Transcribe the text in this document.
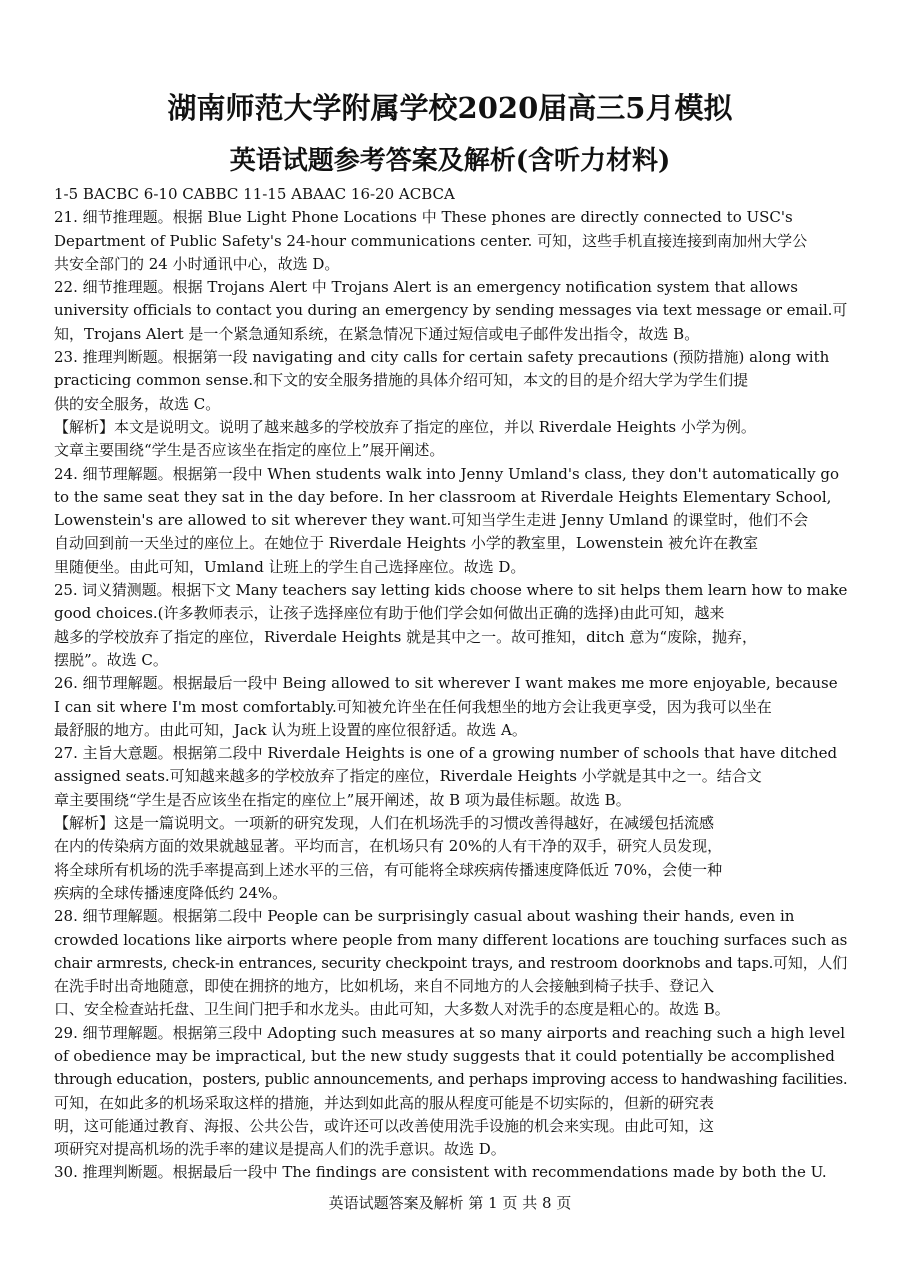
湖南师范大学附属学校2020届高三5月模拟
英语试题参考答案及解析(含听力材料)
1-5 BACBC 6-10 CABBC 11-15 ABAAC 16-20 ACBCA
21. 细节推理题。根据 Blue Light Phone Locations 中 These phones are directly connected to USC's
Department of Public Safety's 24-hour communications center. 可知，这些手机直接连接到南加州大学公
共安全部门的 24 小时通讯中心，故选 D。
22. 细节推理题。根据 Trojans Alert 中 Trojans Alert is an emergency notification system that allows
university officials to contact you during an emergency by sending messages via text message or email.可
知，Trojans Alert 是一个紧急通知系统，在紧急情况下通过短信或电子邮件发出指令，故选 B。
23. 推理判断题。根据第一段 navigating and city calls for certain safety precautions (预防措施) along with
practicing common sense.和下文的安全服务措施的具体介绍可知，本文的目的是介绍大学为学生们提
供的安全服务，故选 C。
【解析】本文是说明文。说明了越来越多的学校放弃了指定的座位，并以 Riverdale Heights 小学为例。
文章主要围绕“学生是否应该坐在指定的座位上”展开阐述。
24. 细节理解题。根据第一段中 When students walk into Jenny Umland's class, they don't automatically go
to the same seat they sat in the day before. In her classroom at Riverdale Heights Elementary School,
Lowenstein's are allowed to sit wherever they want.可知当学生走进 Jenny Umland 的课堂时，他们不会
自动回到前一天坐过的座位上。在她位于 Riverdale Heights 小学的教室里，Lowenstein 被允许在教室
里随便坐。由此可知，Umland 让班上的学生自己选择座位。故选 D。
25. 词义猜测题。根据下文 Many teachers say letting kids choose where to sit helps them learn how to make
good choices.(许多教师表示，让孩子选择座位有助于他们学会如何做出正确的选择)由此可知，越来
越多的学校放弃了指定的座位，Riverdale Heights 就是其中之一。故可推知，ditch 意为“废除，抛弃，
摆脱”。故选 C。
26. 细节理解题。根据最后一段中 Being allowed to sit wherever I want makes me more enjoyable, because
I can sit where I'm most comfortably.可知被允许坐在任何我想坐的地方会让我更享受，因为我可以坐在
最舒服的地方。由此可知，Jack 认为班上设置的座位很舒适。故选 A。
27. 主旨大意题。根据第二段中 Riverdale Heights is one of a growing number of schools that have ditched
assigned seats.可知越来越多的学校放弃了指定的座位，Riverdale Heights 小学就是其中之一。结合文
章主要围绕“学生是否应该坐在指定的座位上”展开阐述，故 B 项为最佳标题。故选 B。
【解析】这是一篇说明文。一项新的研究发现，人们在机场洗手的习惯改善得越好，在减缓包括流感
在内的传染病方面的效果就越显著。平均而言，在机场只有 20%的人有干净的双手，研究人员发现，
将全球所有机场的洗手率提高到上述水平的三倍，有可能将全球疾病传播速度降低近 70%，会使一种
疾病的全球传播速度降低约 24%。
28. 细节理解题。根据第二段中 People can be surprisingly casual about washing their hands, even in
crowded locations like airports where people from many different locations are touching surfaces such as
chair armrests, check-in entrances, security checkpoint trays, and restroom doorknobs and taps.可知，人们
在洗手时出奇地随意，即使在拥挤的地方，比如机场，来自不同地方的人会接触到椅子扶手、登记入
口、安全检查站托盘、卫生间门把手和水龙头。由此可知，大多数人对洗手的态度是粗心的。故选 B。
29. 细节理解题。根据第三段中 Adopting such measures at so many airports and reaching such a high level
of obedience may be impractical, but the new study suggests that it could potentially be accomplished
through education，posters, public announcements, and perhaps improving access to handwashing facilities.
可知，在如此多的机场采取这样的措施，并达到如此高的服从程度可能是不切实际的，但新的研究表
明，这可能通过教育、海报、公共公告，或许还可以改善使用洗手设施的机会来实现。由此可知，这
项研究对提高机场的洗手率的建议是提高人们的洗手意识。故选 D。
30. 推理判断题。根据最后一段中 The findings are consistent with recommendations made by both the U.
英语试题答案及解析 第 1 页 共 8 页
